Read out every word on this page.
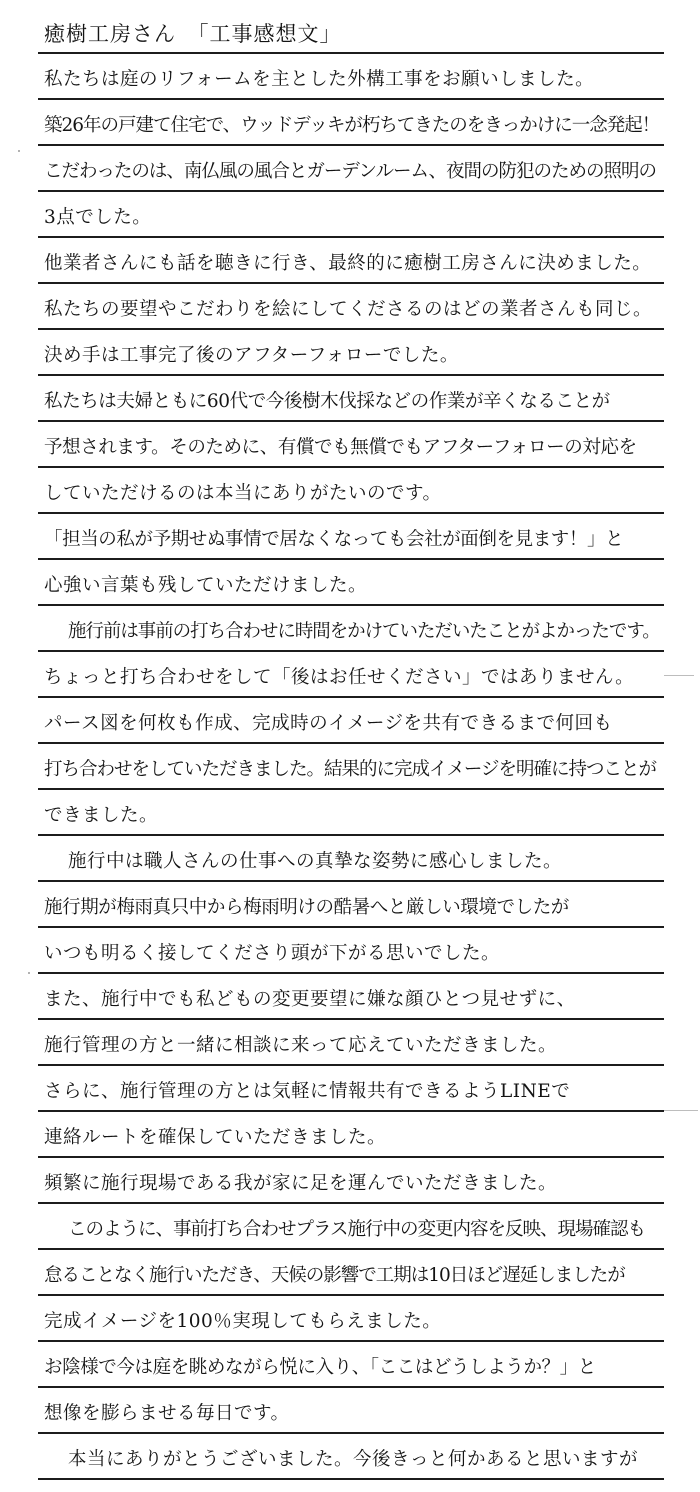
癒樹工房さん　「工事感想文」
私たちは庭のリフォームを主とした外構工事をお願いしました。
築26年の戸建て住宅で、ウッドデッキが朽ちてきたのをきっかけに一念発起！
こだわったのは、南仏風の風合とガーデンルーム、夜間の防犯のための照明の
3点でした。
他業者さんにも話を聴きに行き、最終的に癒樹工房さんに決めました。
私たちの要望やこだわりを絵にしてくださるのはどの業者さんも同じ。
決め手は工事完了後のアフターフォローでした。
私たちは夫婦ともに60代で今後樹木伐採などの作業が辛くなることが
予想されます。そのために、有償でも無償でもアフターフォローの対応を
していただけるのは本当にありがたいのです。
「担当の私が予期せぬ事情で居なくなっても会社が面倒を見ます！」と
心強い言葉も残していただけました。
施行前は事前の打ち合わせに時間をかけていただいたことがよかったです。
ちょっと打ち合わせをして「後はお任せください」ではありません。
パース図を何枚も作成、完成時のイメージを共有できるまで何回も
打ち合わせをしていただきました。結果的に完成イメージを明確に持つことが
できました。
施行中は職人さんの仕事への真摯な姿勢に感心しました。
施行期が梅雨真只中から梅雨明けの酷暑へと厳しい環境でしたが
いつも明るく接してくださり頭が下がる思いでした。
また、施行中でも私どもの変更要望に嫌な顔ひとつ見せずに、
施行管理の方と一緒に相談に来って応えていただきました。
さらに、施行管理の方とは気軽に情報共有できるようLINEで
連絡ルートを確保していただきました。
頻繁に施行現場である我が家に足を運んでいただきました。
このように、事前打ち合わせプラス施行中の変更内容を反映、現場確認も
怠ることなく施行いただき、天候の影響で工期は10日ほど遅延しましたが
完成イメージを100％実現してもらえました。
お陰様で今は庭を眺めながら悦に入り、「ここはどうしようか？」と
想像を膨らませる毎日です。
本当にありがとうございました。今後きっと何かあると思いますが
